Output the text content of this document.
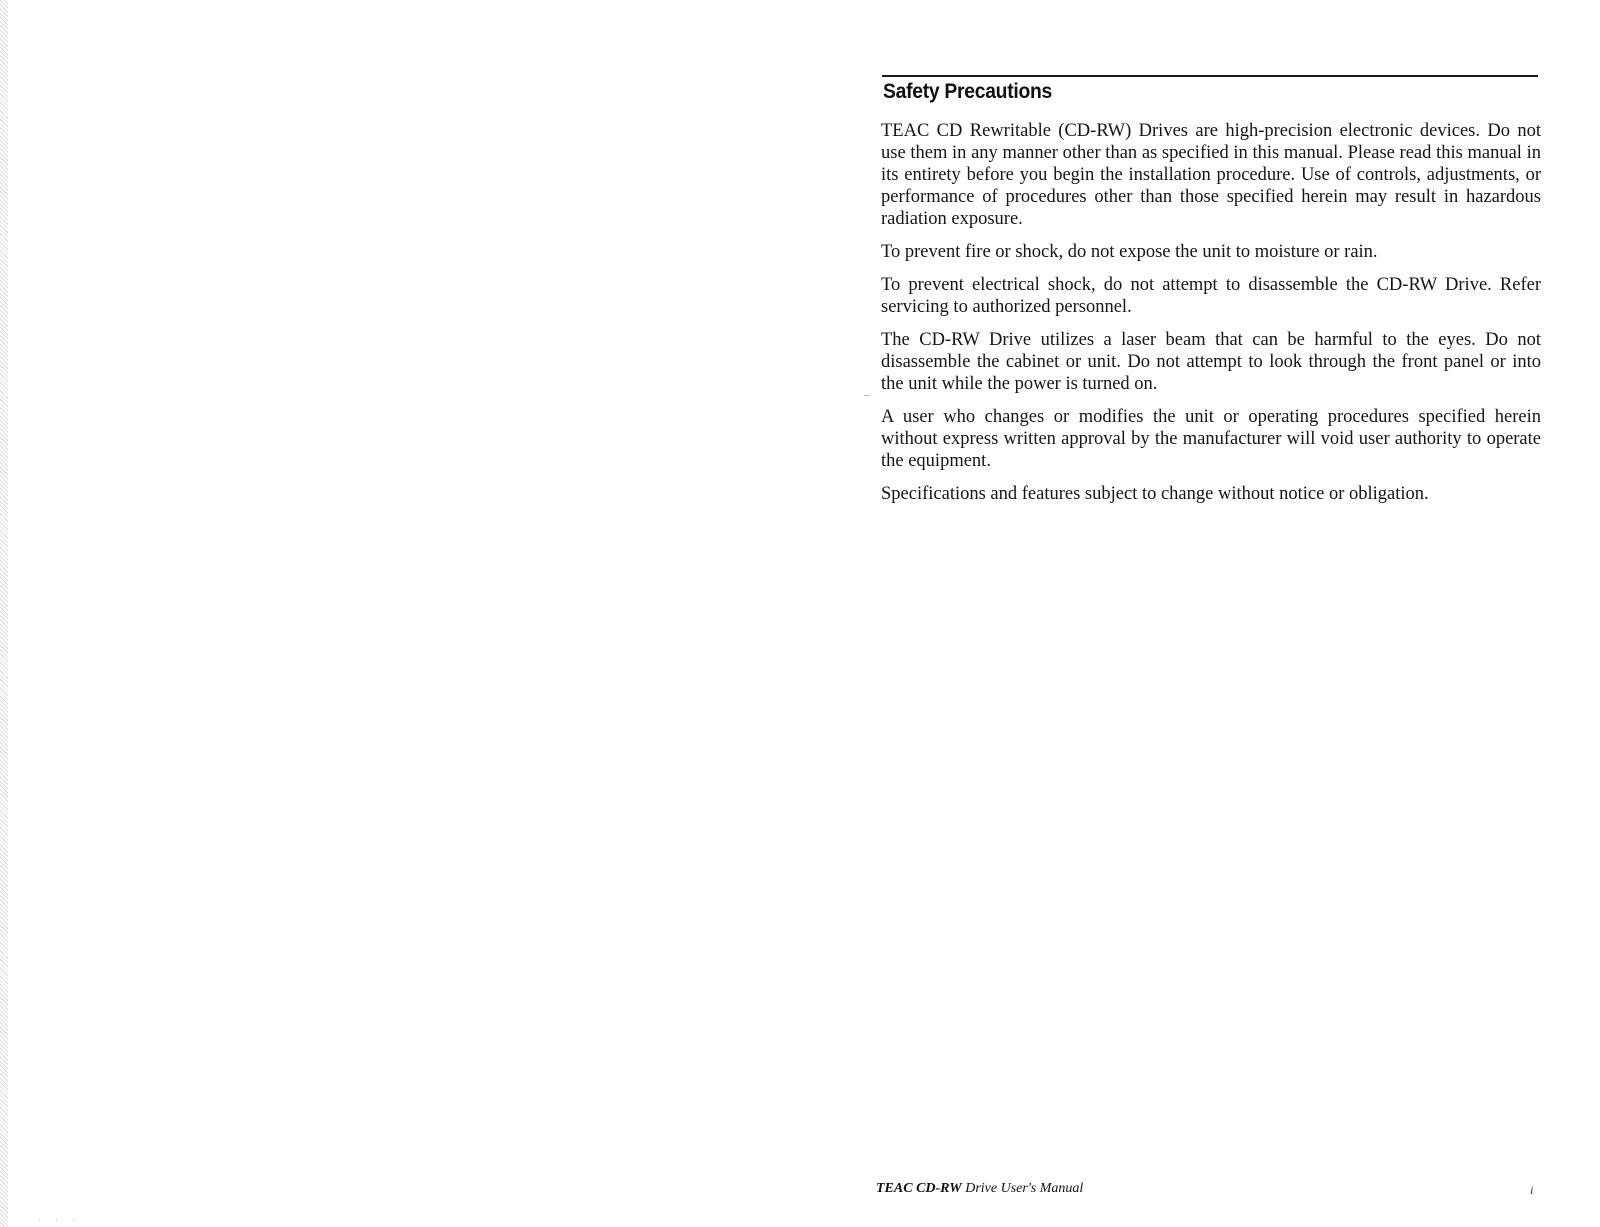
Safety Precautions

TEAC CD Rewritable (CD-RW) Drives are high-precision electronic devices. Do not use them in any manner other than as specified in this manual. Please read this manual in its entirety before you begin the installation procedure. Use of controls, adjustments, or performance of procedures other than those specified herein may result in hazardous radiation exposure.

To prevent fire or shock, do not expose the unit to moisture or rain.

To prevent electrical shock, do not attempt to disassemble the CD-RW Drive. Refer servicing to authorized personnel.

The CD-RW Drive utilizes a laser beam that can be harmful to the eyes. Do not disassemble the cabinet or unit. Do not attempt to look through the front panel or into the unit while the power is turned on.

A user who changes or modifies the unit or operating procedures specified herein without express written approval by the manufacturer will void user authority to operate the equipment.

Specifications and features subject to change without notice or obligation.

TEAC CD-RW Drive User's Manual	i
· · ·
